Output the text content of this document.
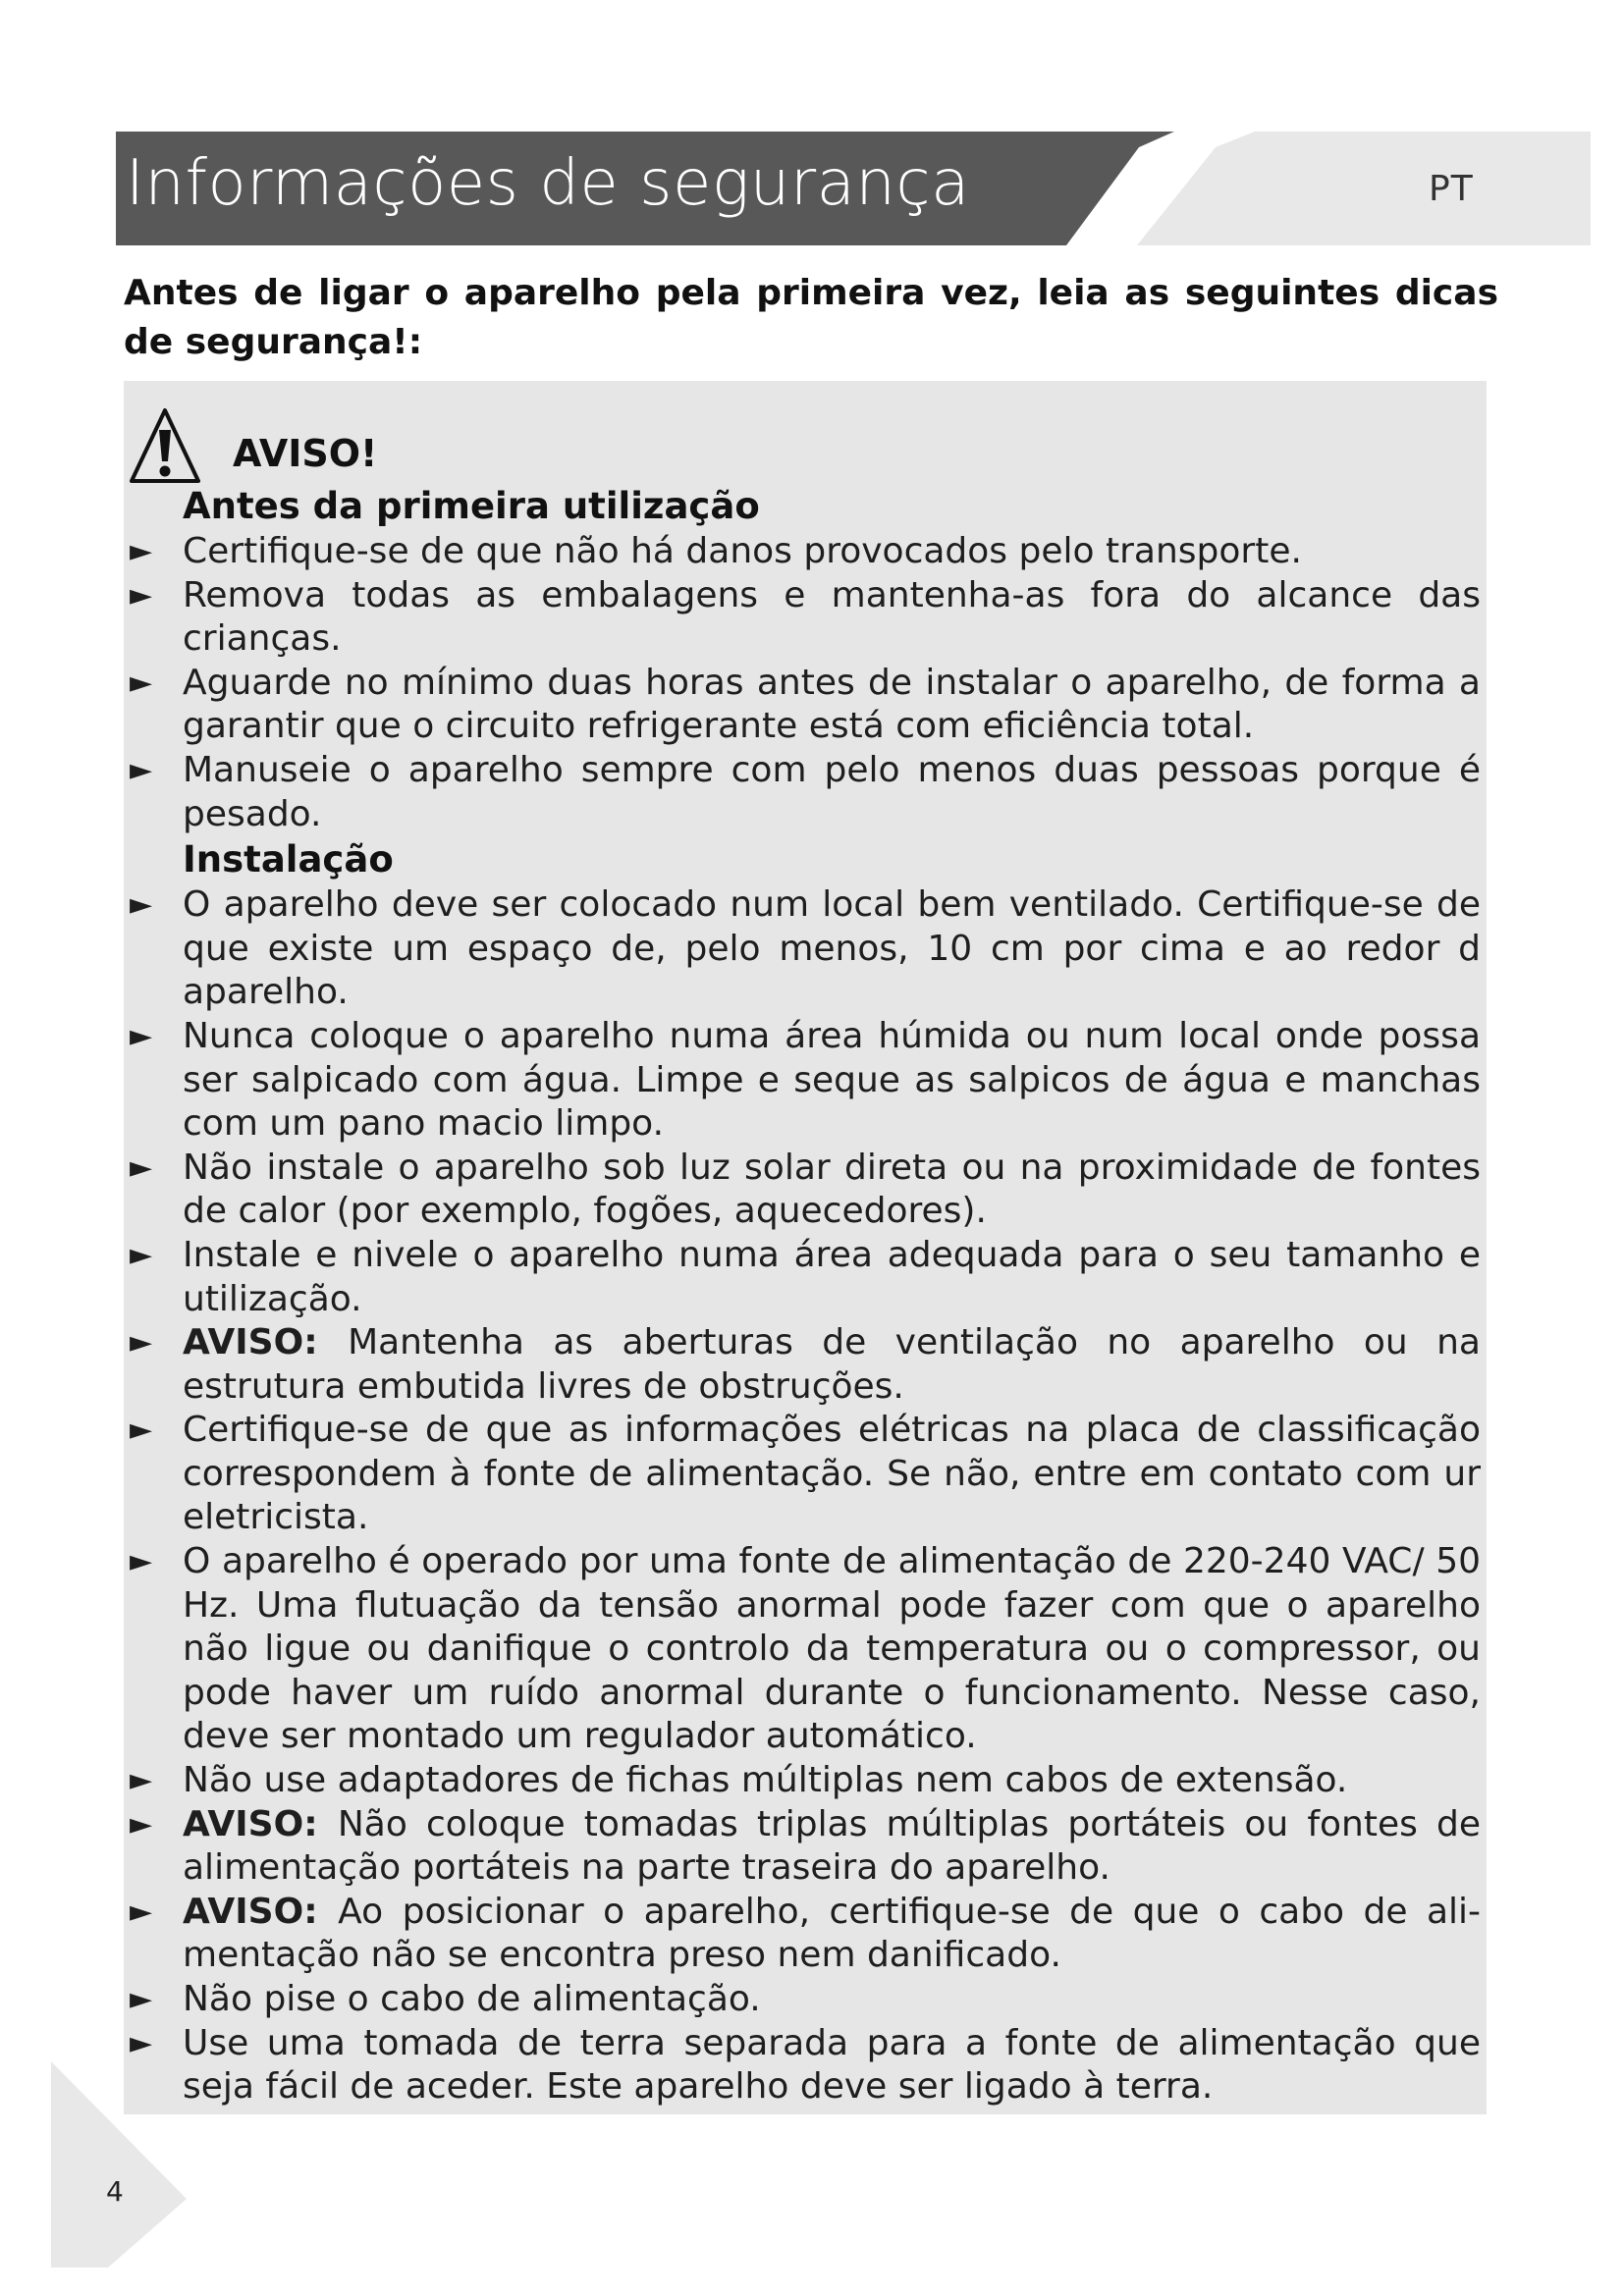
Informações de segurança	PT
Antes de ligar o aparelho pela primeira vez, leia as seguintes dicas de segurança!:
AVISO!
Antes da primeira utilização
► Certifique-se de que não há danos provocados pelo transporte.
► Remova todas as embalagens e mantenha-as fora do alcance das crianças.
► Aguarde no mínimo duas horas antes de instalar o aparelho, de forma a garantir que o circuito refrigerante está com eficiência total.
► Manuseie o aparelho sempre com pelo menos duas pessoas porque é pesado.
Instalação
► O aparelho deve ser colocado num local bem ventilado. Certifique-se de que existe um espaço de, pelo menos, 10 cm por cima e ao redor d aparelho.
► Nunca coloque o aparelho numa área húmida ou num local onde possa ser salpicado com água. Limpe e seque as salpicos de água e manchas com um pano macio limpo.
► Não instale o aparelho sob luz solar direta ou na proximidade de fontes de calor (por exemplo, fogões, aquecedores).
► Instale e nivele o aparelho numa área adequada para o seu tamanho e utilização.
► AVISO: Mantenha as aberturas de ventilação no aparelho ou na estrutura embutida livres de obstruções.
► Certifique-se de que as informações elétricas na placa de classificação correspondem à fonte de alimentação. Se não, entre em contato com ur eletricista.
► O aparelho é operado por uma fonte de alimentação de 220-240 VAC/ 50 Hz. Uma flutuação da tensão anormal pode fazer com que o aparelho não ligue ou danifique o controlo da temperatura ou o compressor, ou pode haver um ruído anormal durante o funcionamento. Nesse caso, deve ser montado um regulador automático.
► Não use adaptadores de fichas múltiplas nem cabos de extensão.
► AVISO: Não coloque tomadas triplas múltiplas portáteis ou fontes de alimentação portáteis na parte traseira do aparelho.
► AVISO: Ao posicionar o aparelho, certifique-se de que o cabo de ali-mentação não se encontra preso nem danificado.
► Não pise o cabo de alimentação.
► Use uma tomada de terra separada para a fonte de alimentação que seja fácil de aceder. Este aparelho deve ser ligado à terra.
4
